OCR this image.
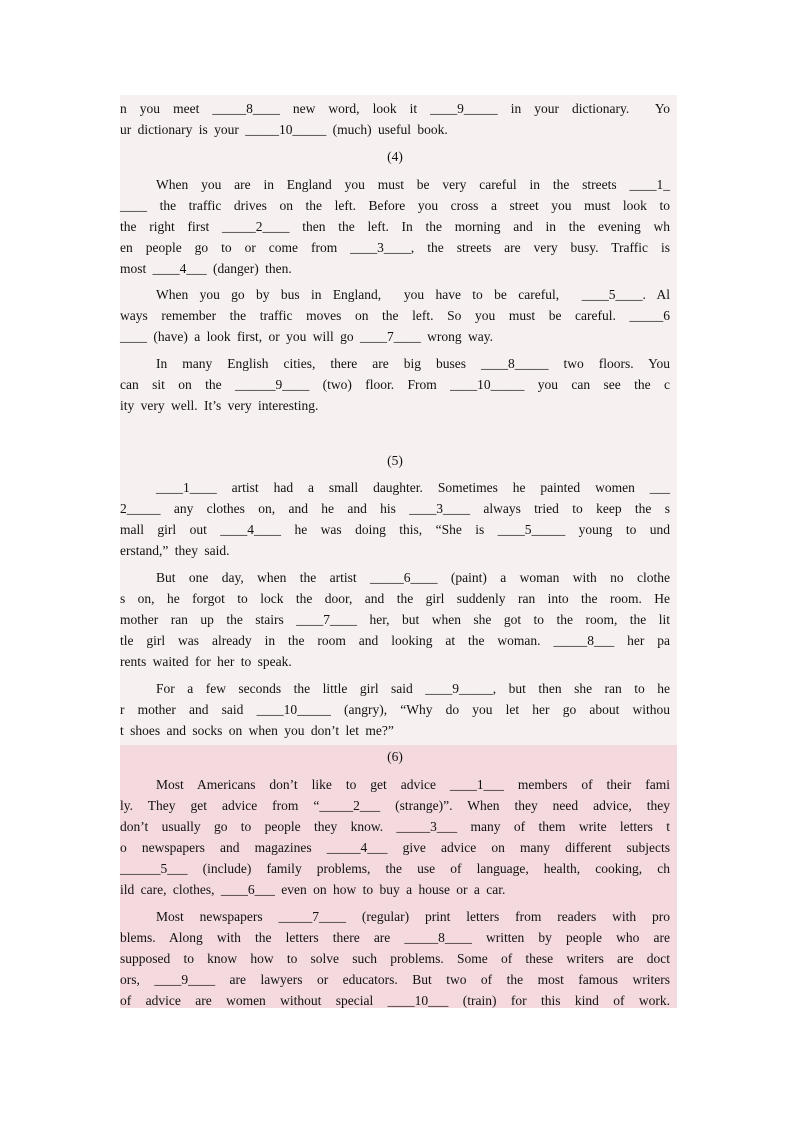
n you meet _____8____ new word, look it ____9_____ in your dictionary.  Yo
ur dictionary is your _____10_____ (much) useful book.
(4)
When you are in England you must be very careful in the streets ____1_
____ the traffic drives on the left. Before you cross a street you must look to
the right first _____2____ then the left. In the morning and in the evening wh
en people go to or come from ____3____, the streets are very busy. Traffic is
most ____4___ (danger) then.
When you go by bus in England,  you have to be careful,  ____5____. Al
ways remember the traffic moves on the left. So you must be careful. _____6
____ (have) a look first, or you will go ____7____ wrong way.
In many English cities, there are big buses ____8_____ two floors. You
can sit on the ______9____ (two) floor. From ____10_____ you can see the c
ity very well. It’s very interesting.
(5)
____1____ artist had a small daughter. Sometimes he painted women ___
2_____ any clothes on, and he and his ____3____ always tried to keep the s
mall girl out ____4____ he was doing this, “She is ____5_____ young to und
erstand,” they said.
But one day, when the artist _____6____ (paint) a woman with no clothe
s on, he forgot to lock the door, and the girl suddenly ran into the room. He
mother ran up the stairs ____7____ her, but when she got to the room, the lit
tle girl was already in the room and looking at the woman. _____8___ her pa
rents waited for her to speak.
For a few seconds the little girl said ____9_____, but then she ran to he
r mother and said ____10_____ (angry), “Why do you let her go about withou
t shoes and socks on when you don’t let me?”
(6)
Most Americans don’t like to get advice ____1___ members of their fami
ly. They get advice from “_____2___ (strange)”. When they need advice, they
don’t usually go to people they know. _____3___ many of them write letters t
o newspapers and magazines _____4___ give advice on many different subjects
______5___ (include) family problems, the use of language, health, cooking, ch
ild care, clothes, ____6___ even on how to buy a house or a car.
Most newspapers _____7____ (regular) print letters from readers with pro
blems. Along with the letters there are _____8____ written by people who are
supposed to know how to solve such problems. Some of these writers are doct
ors, ____9____ are lawyers or educators. But two of the most famous writers
of advice are women without special ____10___ (train) for this kind of work.
